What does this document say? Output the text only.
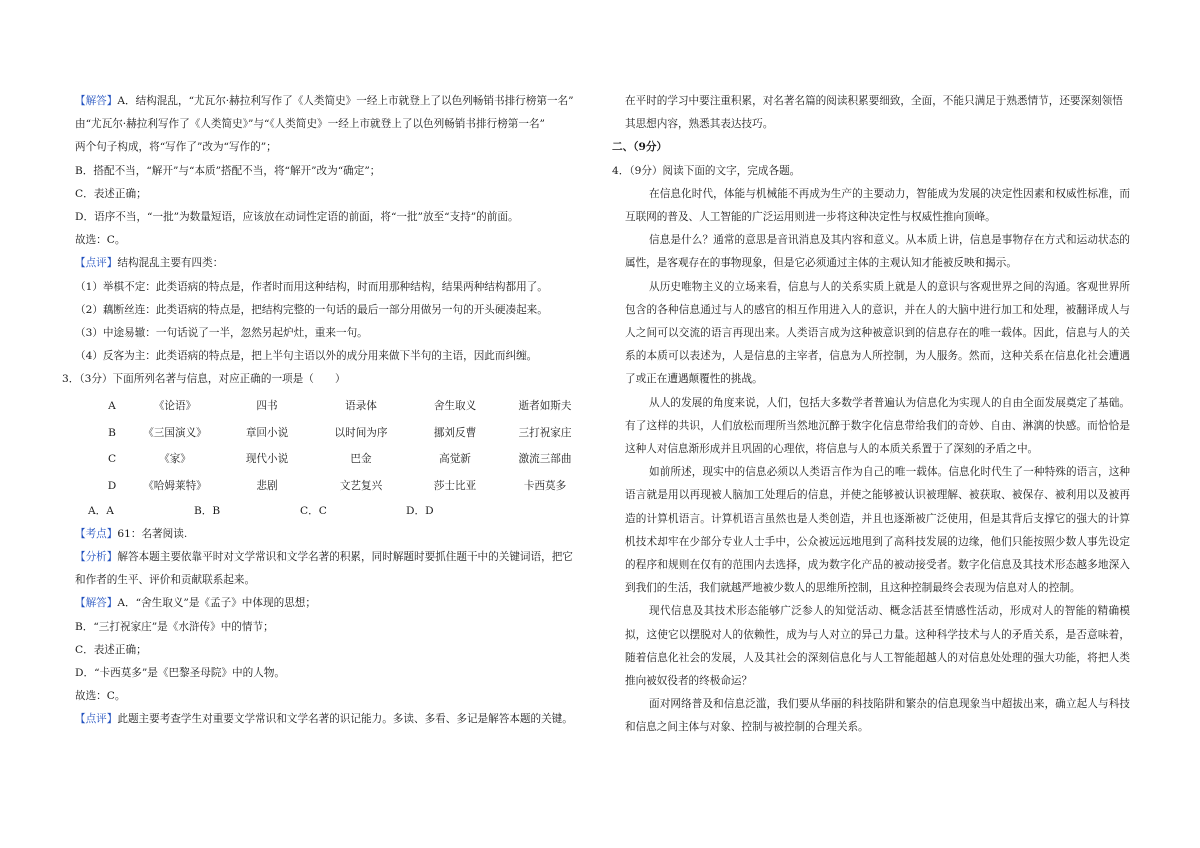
【解答】A．结构混乱，“尤瓦尔·赫拉利写作了《人类简史》一经上市就登上了以色列畅销书排行榜第一名”

由“尤瓦尔·赫拉利写作了《人类简史》”与“《人类简史》一经上市就登上了以色列畅销书排行榜第一名”

两个句子构成，将“写作了”改为“写作的”；

B．搭配不当，“解开”与“本质”搭配不当，将“解开”改为“确定”；

C．表述正确；

D．语序不当，“一批”为数量短语，应该放在动词性定语的前面，将“一批”放至“支持”的前面。

故选：C。

【点评】结构混乱主要有四类：

（1）举棋不定：此类语病的特点是，作者时而用这种结构，时而用那种结构，结果两种结构都用了。

（2）藕断丝连：此类语病的特点是，把结构完整的一句话的最后一部分用做另一句的开头硬凑起来。

（3）中途易辙：一句话说了一半，忽然另起炉灶，重来一句。

（4）反客为主：此类语病的特点是，把上半句主语以外的成分用来做下半句的主语，因此而纠缠。

3．（3分）下面所列名著与信息，对应正确的一项是（　　）

A	《论语》	四书	语录体	舍生取义	逝者如斯夫
B	《三国演义》	章回小说	以时间为序	挪刘反曹	三打祝家庄
C	《家》	现代小说	巴金	高觉新	激流三部曲
D	《哈姆莱特》	悲剧	文艺复兴	莎士比亚	卡西莫多

A．A	B．B	C．C	D．D

【考点】61：名著阅读.

【分析】解答本题主要依靠平时对文学常识和文学名著的积累，同时解题时要抓住题干中的关键词语，把它

和作者的生平、评价和贡献联系起来。

【解答】A．“舍生取义”是《孟子》中体现的思想；

B．“三打祝家庄”是《水浒传》中的情节；

C．表述正确；

D．“卡西莫多”是《巴黎圣母院》中的人物。

故选：C。

【点评】此题主要考查学生对重要文学常识和文学名著的识记能力。多读、多看、多记是解答本题的关键。

在平时的学习中要注重积累，对名著名篇的阅读积累要细致，全面，不能只满足于熟悉情节，还要深刻领悟

其思想内容，熟悉其表达技巧。

二、（9分）

4．（9分）阅读下面的文字，完成各题。

在信息化时代，体能与机械能不再成为生产的主要动力，智能成为发展的决定性因素和权威性标准，而互联网的普及、人工智能的广泛运用则进一步将这种决定性与权威性推向顶峰。

信息是什么？通常的意思是音讯消息及其内容和意义。从本质上讲，信息是事物存在方式和运动状态的属性，是客观存在的事物现象，但是它必须通过主体的主观认知才能被反映和揭示。

从历史唯物主义的立场来看，信息与人的关系实质上就是人的意识与客观世界之间的沟通。客观世界所包含的各种信息通过与人的感官的相互作用进入人的意识，并在人的大脑中进行加工和处理，被翻译成人与人之间可以交流的语言再现出来。人类语言成为这种被意识到的信息存在的唯一载体。因此，信息与人的关系的本质可以表述为，人是信息的主宰者，信息为人所控制，为人服务。然而，这种关系在信息化社会遭遇了或正在遭遇颠覆性的挑战。

从人的发展的角度来说，人们，包括大多数学者普遍认为信息化为实现人的自由全面发展奠定了基础。有了这样的共识，人们放松而理所当然地沉醉于数字化信息带给我们的奇妙、自由、淋漓的快感。而恰恰是这种人对信息渐形成并且巩固的心理依，将信息与人的本质关系置于了深刻的矛盾之中。

如前所述，现实中的信息必须以人类语言作为自己的唯一载体。信息化时代生了一种特殊的语言，这种语言就是用以再现被人脑加工处理后的信息，并使之能够被认识被理解、被获取、被保存、被利用以及被再造的计算机语言。计算机语言虽然也是人类创造，并且也逐渐被广泛使用，但是其背后支撑它的强大的计算机技术却牢在少部分专业人士手中，公众被远远地甩到了高科技发展的边缘，他们只能按照少数人事先设定的程序和规则在仅有的范围内去选择，成为数字化产品的被动接受者。数字化信息及其技术形态越多地深入到我们的生活，我们就越严地被少数人的思维所控制，且这种控制最终会表现为信息对人的控制。

现代信息及其技术形态能够广泛参人的知觉活动、概念活甚至情感性活动，形成对人的智能的精确模拟，这使它以摆脱对人的依赖性，成为与人对立的异己力量。这种科学技术与人的矛盾关系，是否意味着，随着信息化社会的发展，人及其社会的深刻信息化与人工智能超越人的对信息处处理的强大功能，将把人类推向被奴役者的终极命运？

面对网络普及和信息泛滥，我们要从华丽的科技陷阱和繁杂的信息现象当中超拔出来，确立起人与科技和信息之间主体与对象、控制与被控制的合理关系。
